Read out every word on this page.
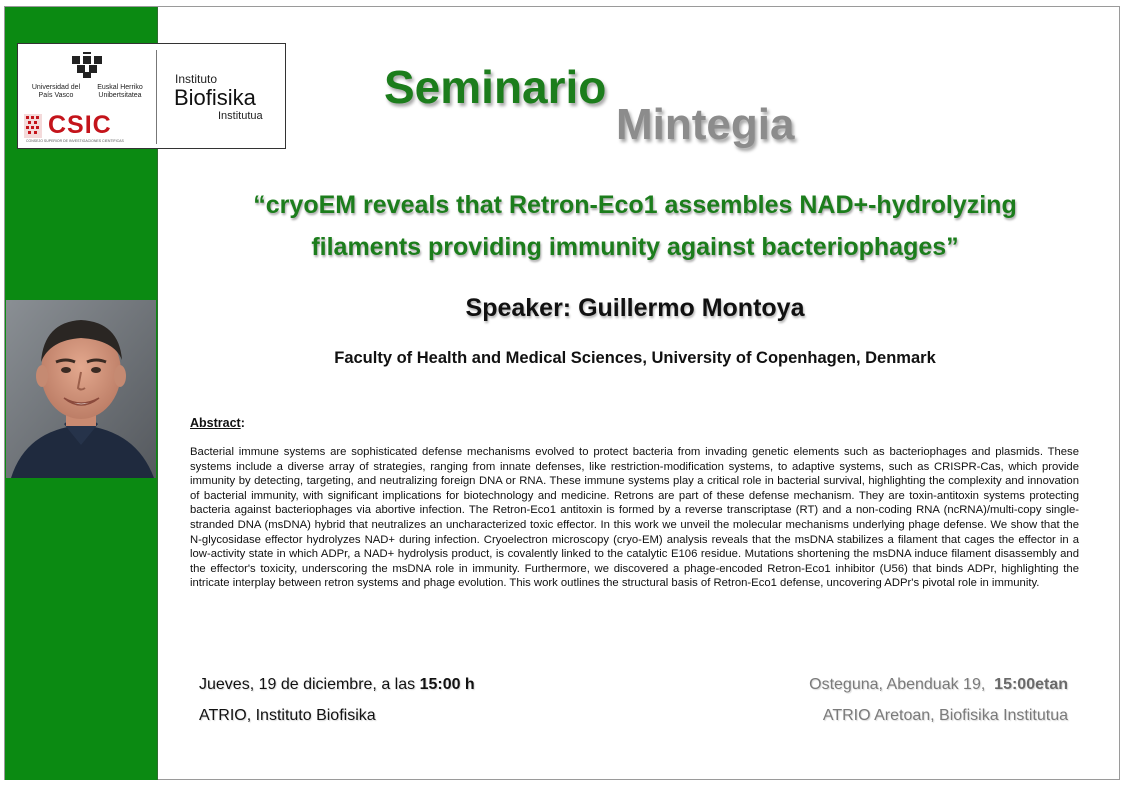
Universidad del País Vasco
Euskal Herriko Unibertsitatea
CSIC
CONSEJO SUPERIOR DE INVESTIGACIONES CIENTÍFICAS
Instituto
Biofisika
Institutua
Seminario
Mintegia
“cryoEM reveals that Retron-Eco1 assembles NAD+-hydrolyzing
filaments providing immunity against bacteriophages”
Speaker: Guillermo Montoya
Faculty of Health and Medical Sciences, University of Copenhagen, Denmark
Abstract:

Bacterial immune systems are sophisticated defense mechanisms evolved to protect bacteria from invading genetic elements such as bacteriophages and plasmids. These systems include a diverse array of strategies, ranging from innate defenses, like restriction-modification systems, to adaptive systems, such as CRISPR-Cas, which provide immunity by detecting, targeting, and neutralizing foreign DNA or RNA. These immune systems play a critical role in bacterial survival, highlighting the complexity and innovation of bacterial immunity, with significant implications for biotechnology and medicine. Retrons are part of these defense mechanism. They are toxin-antitoxin systems protecting bacteria against bacteriophages via abortive infection. The Retron-Eco1 antitoxin is formed by a reverse transcriptase (RT) and a non-coding RNA (ncRNA)/multi-copy single-stranded DNA (msDNA) hybrid that neutralizes an uncharacterized toxic effector. In this work we unveil the molecular mechanisms underlying phage defense. We show that the N-glycosidase effector hydrolyzes NAD+ during infection. Cryoelectron microscopy (cryo-EM) analysis reveals that the msDNA stabilizes a filament that cages the effector in a low-activity state in which ADPr, a NAD+ hydrolysis product, is covalently linked to the catalytic E106 residue. Mutations shortening the msDNA induce filament disassembly and the effector's toxicity, underscoring the msDNA role in immunity. Furthermore, we discovered a phage-encoded Retron-Eco1 inhibitor (U56) that binds ADPr, highlighting the intricate interplay between retron systems and phage evolution. This work outlines the structural basis of Retron-Eco1 defense, uncovering ADPr's pivotal role in immunity.

Jueves, 19 de diciembre, a las 15:00 h
ATRIO, Instituto Biofisika
Osteguna, Abenduak 19,  15:00etan
ATRIO Aretoan, Biofisika Institutua
